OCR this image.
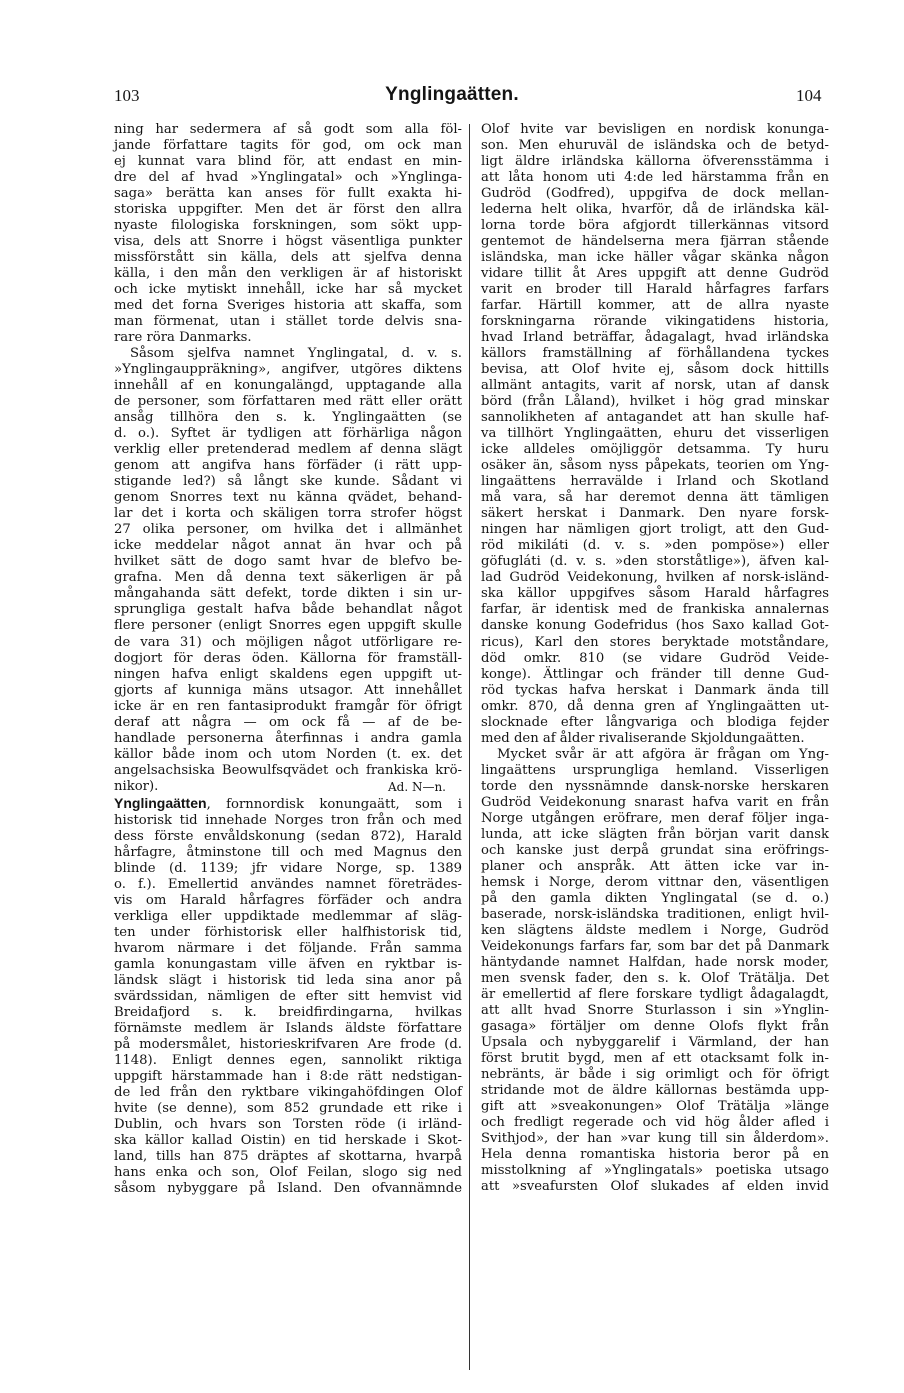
103	Ynglingaätten.	104
ning har sedermera af så godt som alla föl-
jande författare tagits för god, om ock man
ej kunnat vara blind för, att endast en min-
dre del af hvad »Ynglingatal» och »Ynglinga-
saga» berätta kan anses för fullt exakta hi-
storiska uppgifter. Men det är först den allra
nyaste filologiska forskningen, som sökt upp-
visa, dels att Snorre i högst väsentliga punkter
missförstått sin källa, dels att sjelfva denna
källa, i den mån den verkligen är af historiskt
och icke mytiskt innehåll, icke har så mycket
med det forna Sveriges historia att skaffa, som
man förmenat, utan i stället torde delvis sna-
rare röra Danmarks.
Såsom sjelfva namnet Ynglingatal, d. v. s.
»Ynglingauppräkning», angifver, utgöres diktens
innehåll af en konungalängd, upptagande alla
de personer, som författaren med rätt eller orätt
ansåg tillhöra den s. k. Ynglingaätten (se
d. o.). Syftet är tydligen att förhärliga någon
verklig eller pretenderad medlem af denna slägt
genom att angifva hans förfäder (i rätt upp-
stigande led?) så långt ske kunde. Sådant vi
genom Snorres text nu känna qvädet, behand-
lar det i korta och skäligen torra strofer högst
27 olika personer, om hvilka det i allmänhet
icke meddelar något annat än hvar och på
hvilket sätt de dogo samt hvar de blefvo be-
grafna. Men då denna text säkerligen är på
mångahanda sätt defekt, torde dikten i sin ur-
sprungliga gestalt hafva både behandlat något
flere personer (enligt Snorres egen uppgift skulle
de vara 31) och möjligen något utförligare re-
dogjort för deras öden. Källorna för framställ-
ningen hafva enligt skaldens egen uppgift ut-
gjorts af kunniga mäns utsagor. Att innehållet
icke är en ren fantasiprodukt framgår för öfrigt
deraf att några — om ock få — af de be-
handlade personerna återfinnas i andra gamla
källor både inom och utom Norden (t. ex. det
angelsachsiska Beowulfsqvädet och frankiska krö-
nikor).	Ad. N—n.
Ynglingaätten, fornnordisk konungaätt, som i
historisk tid innehade Norges tron från och med
dess förste envåldskonung (sedan 872), Harald
hårfagre, åtminstone till och med Magnus den
blinde (d. 1139; jfr vidare Norge, sp. 1389
o. f.). Emellertid användes namnet företrädes-
vis om Harald hårfagres förfäder och andra
verkliga eller uppdiktade medlemmar af släg-
ten under förhistorisk eller halfhistorisk tid,
hvarom närmare i det följande. Från samma
gamla konungastam ville äfven en ryktbar is-
ländsk slägt i historisk tid leda sina anor på
svärdssidan, nämligen de efter sitt hemvist vid
Breidafjord s. k. breidfirdingarna, hvilkas
förnämste medlem är Islands äldste författare
på modersmålet, historieskrifvaren Are frode (d.
1148). Enligt dennes egen, sannolikt riktiga
uppgift härstammade han i 8:de rätt nedstigan-
de led från den ryktbare vikingahöfdingen Olof
hvite (se denne), som 852 grundade ett rike i
Dublin, och hvars son Torsten röde (i irländ-
ska källor kallad Oistin) en tid herskade i Skot-
land, tills han 875 dräptes af skottarna, hvarpå
hans enka och son, Olof Feilan, slogo sig ned
såsom nybyggare på Island. Den ofvannämnde
Olof hvite var bevisligen en nordisk konunga-
son. Men ehuruväl de isländska och de betyd-
ligt äldre irländska källorna öfverensstämma i
att låta honom uti 4:de led härstamma från en
Gudröd (Godfred), uppgifva de dock mellan-
lederna helt olika, hvarför, då de irländska käl-
lorna torde böra afgjordt tillerkännas vitsord
gentemot de händelserna mera fjärran stående
isländska, man icke häller vågar skänka någon
vidare tillit åt Ares uppgift att denne Gudröd
varit en broder till Harald hårfagres farfars
farfar. Härtill kommer, att de allra nyaste
forskningarna rörande vikingatidens historia,
hvad Irland beträffar, ådagalagt, hvad irländska
källors framställning af förhållandena tyckes
bevisa, att Olof hvite ej, såsom dock hittills
allmänt antagits, varit af norsk, utan af dansk
börd (från Låland), hvilket i hög grad minskar
sannolikheten af antagandet att han skulle haf-
va tillhört Ynglingaätten, ehuru det visserligen
icke alldeles omöjliggör detsamma. Ty huru
osäker än, såsom nyss påpekats, teorien om Yng-
lingaättens herravälde i Irland och Skotland
må vara, så har deremot denna ätt tämligen
säkert herskat i Danmark. Den nyare forsk-
ningen har nämligen gjort troligt, att den Gud-
röd mikiláti (d. v. s. »den pompöse») eller
göfugláti (d. v. s. »den storståtlige»), äfven kal-
lad Gudröd Veidekonung, hvilken af norsk-isländ-
ska källor uppgifves såsom Harald hårfagres
farfar, är identisk med de frankiska annalernas
danske konung Godefridus (hos Saxo kallad Got-
ricus), Karl den stores beryktade motståndare,
död omkr. 810 (se vidare Gudröd Veide-
konge). Ättlingar och fränder till denne Gud-
röd tyckas hafva herskat i Danmark ända till
omkr. 870, då denna gren af Ynglingaätten ut-
slocknade efter långvariga och blodiga fejder
med den af ålder rivaliserande Skjoldungaätten.
Mycket svår är att afgöra är frågan om Yng-
lingaättens ursprungliga hemland. Visserligen
torde den nyssnämnde dansk-norske herskaren
Gudröd Veidekonung snarast hafva varit en från
Norge utgången eröfrare, men deraf följer inga-
lunda, att icke slägten från början varit dansk
och kanske just derpå grundat sina eröfrings-
planer och anspråk. Att ätten icke var in-
hemsk i Norge, derom vittnar den, väsentligen
på den gamla dikten Ynglingatal (se d. o.)
baserade, norsk-isländska traditionen, enligt hvil-
ken slägtens äldste medlem i Norge, Gudröd
Veidekonungs farfars far, som bar det på Danmark
häntydande namnet Halfdan, hade norsk moder,
men svensk fader, den s. k. Olof Trätälja. Det
är emellertid af flere forskare tydligt ådagalagdt,
att allt hvad Snorre Sturlasson i sin »Ynglin-
gasaga» förtäljer om denne Olofs flykt från
Upsala och nybyggarelif i Värmland, der han
först brutit bygd, men af ett otacksamt folk in-
nebränts, är både i sig orimligt och för öfrigt
stridande mot de äldre källornas bestämda upp-
gift att »sveakonungen» Olof Trätälja »länge
och fredligt regerade och vid hög ålder afled i
Svithjod», der han »var kung till sin ålderdom».
Hela denna romantiska historia beror på en
misstolkning af »Ynglingatals» poetiska utsago
att »sveafursten Olof slukades af elden invid
